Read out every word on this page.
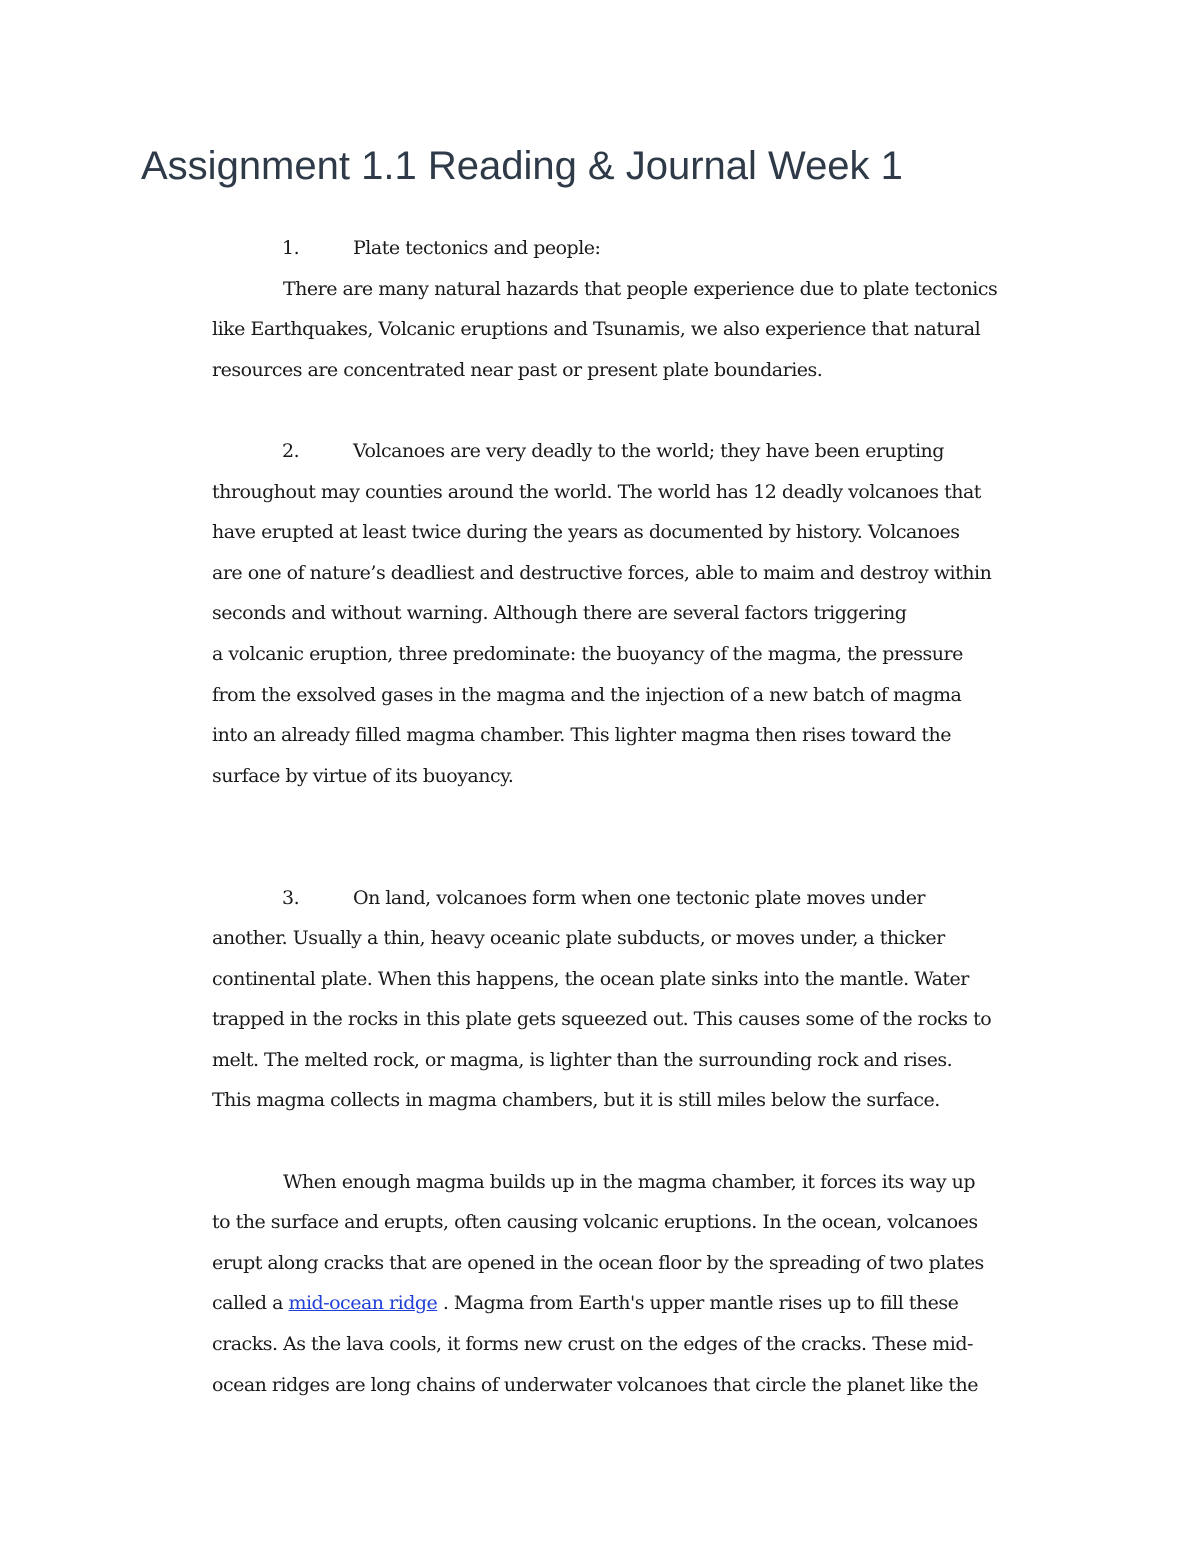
Assignment 1.1 Reading & Journal Week 1
1.	Plate tectonics and people:
There are many natural hazards that people experience due to plate tectonics
like Earthquakes, Volcanic eruptions and Tsunamis, we also experience that natural
resources are concentrated near past or present plate boundaries.
2.	Volcanoes are very deadly to the world; they have been erupting
throughout may counties around the world. The world has 12 deadly volcanoes that
have erupted at least twice during the years as documented by history. Volcanoes
are one of nature’s deadliest and destructive forces, able to maim and destroy within
seconds and without warning. Although there are several factors triggering
a volcanic eruption, three predominate: the buoyancy of the magma, the pressure
from the exsolved gases in the magma and the injection of a new batch of magma
into an already filled magma chamber. This lighter magma then rises toward the
surface by virtue of its buoyancy.
3.	On land, volcanoes form when one tectonic plate moves under
another. Usually a thin, heavy oceanic plate subducts, or moves under, a thicker
continental plate. When this happens, the ocean plate sinks into the mantle. Water
trapped in the rocks in this plate gets squeezed out. This causes some of the rocks to
melt. The melted rock, or magma, is lighter than the surrounding rock and rises.
This magma collects in magma chambers, but it is still miles below the surface.
When enough magma builds up in the magma chamber, it forces its way up
to the surface and erupts, often causing volcanic eruptions. In the ocean, volcanoes
erupt along cracks that are opened in the ocean floor by the spreading of two plates
called a mid-ocean ridge . Magma from Earth's upper mantle rises up to fill these
cracks. As the lava cools, it forms new crust on the edges of the cracks. These mid-
ocean ridges are long chains of underwater volcanoes that circle the planet like the
